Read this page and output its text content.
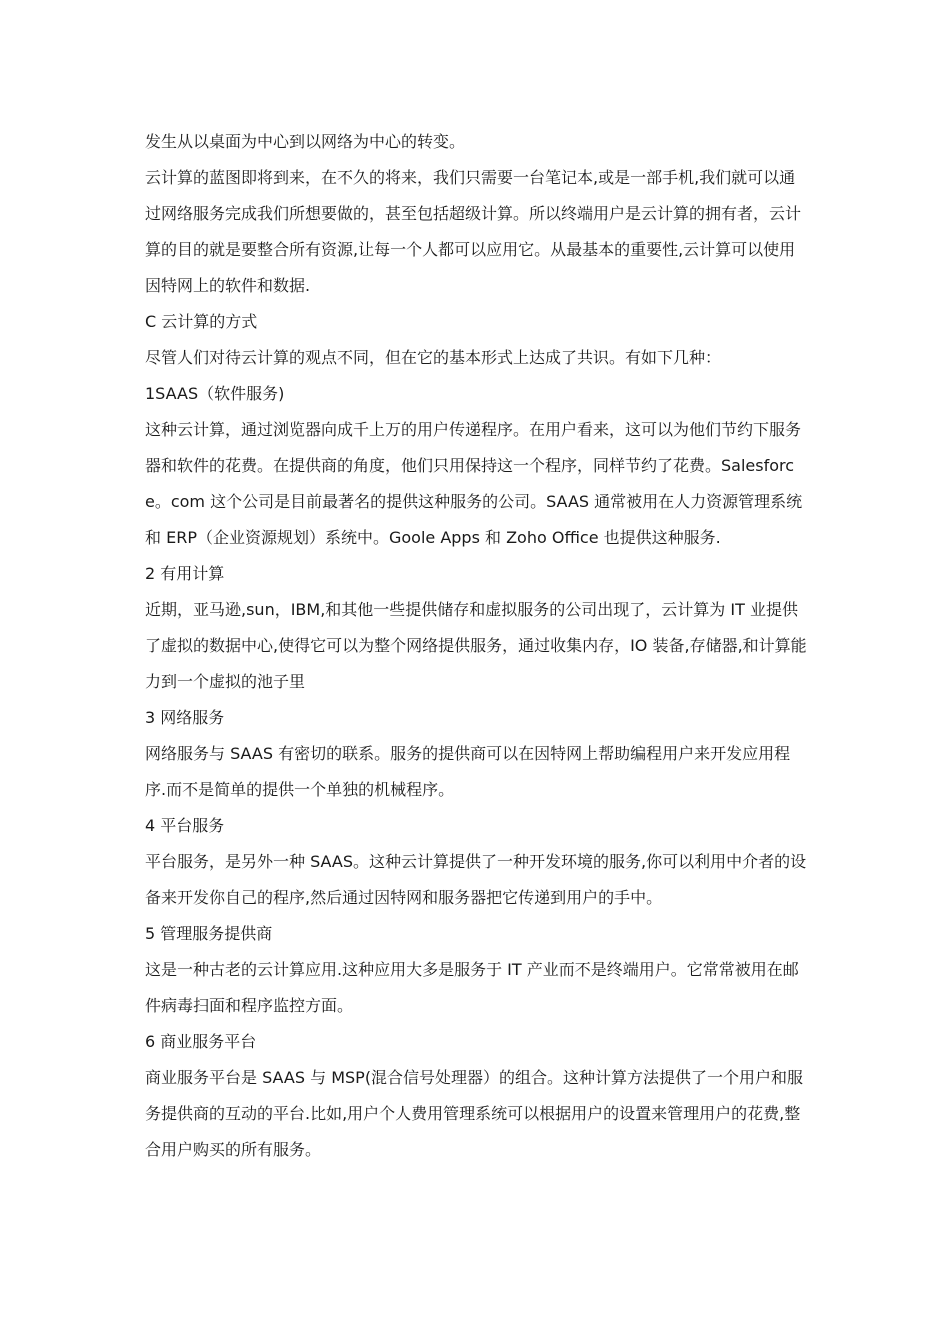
发生从以桌面为中心到以网络为中心的转变。

云计算的蓝图即将到来，在不久的将来，我们只需要一台笔记本,或是一部手机,我们就可以通过网络服务完成我们所想要做的，甚至包括超级计算。所以终端用户是云计算的拥有者，云计算的目的就是要整合所有资源,让每一个人都可以应用它。从最基本的重要性,云计算可以使用因特网上的软件和数据.

C 云计算的方式

尽管人们对待云计算的观点不同，但在它的基本形式上达成了共识。有如下几种：

1SAAS（软件服务)

这种云计算，通过浏览器向成千上万的用户传递程序。在用户看来，这可以为他们节约下服务器和软件的花费。在提供商的角度，他们只用保持这一个程序，同样节约了花费。Salesforce。com 这个公司是目前最著名的提供这种服务的公司。SAAS 通常被用在人力资源管理系统和 ERP（企业资源规划）系统中。Goole Apps 和 Zoho Office 也提供这种服务.

2 有用计算

近期，亚马逊,sun，IBM,和其他一些提供储存和虚拟服务的公司出现了，云计算为 IT 业提供了虚拟的数据中心,使得它可以为整个网络提供服务，通过收集内存，IO 装备,存储器,和计算能力到一个虚拟的池子里

3 网络服务

网络服务与 SAAS 有密切的联系。服务的提供商可以在因特网上帮助编程用户来开发应用程序.而不是简单的提供一个单独的机械程序。

4 平台服务

平台服务，是另外一种 SAAS。这种云计算提供了一种开发环境的服务,你可以利用中介者的设备来开发你自己的程序,然后通过因特网和服务器把它传递到用户的手中。

5 管理服务提供商

这是一种古老的云计算应用.这种应用大多是服务于 IT 产业而不是终端用户。它常常被用在邮件病毒扫面和程序监控方面。

6 商业服务平台

商业服务平台是 SAAS 与 MSP(混合信号处理器）的组合。这种计算方法提供了一个用户和服务提供商的互动的平台.比如,用户个人费用管理系统可以根据用户的设置来管理用户的花费,整合用户购买的所有服务。
